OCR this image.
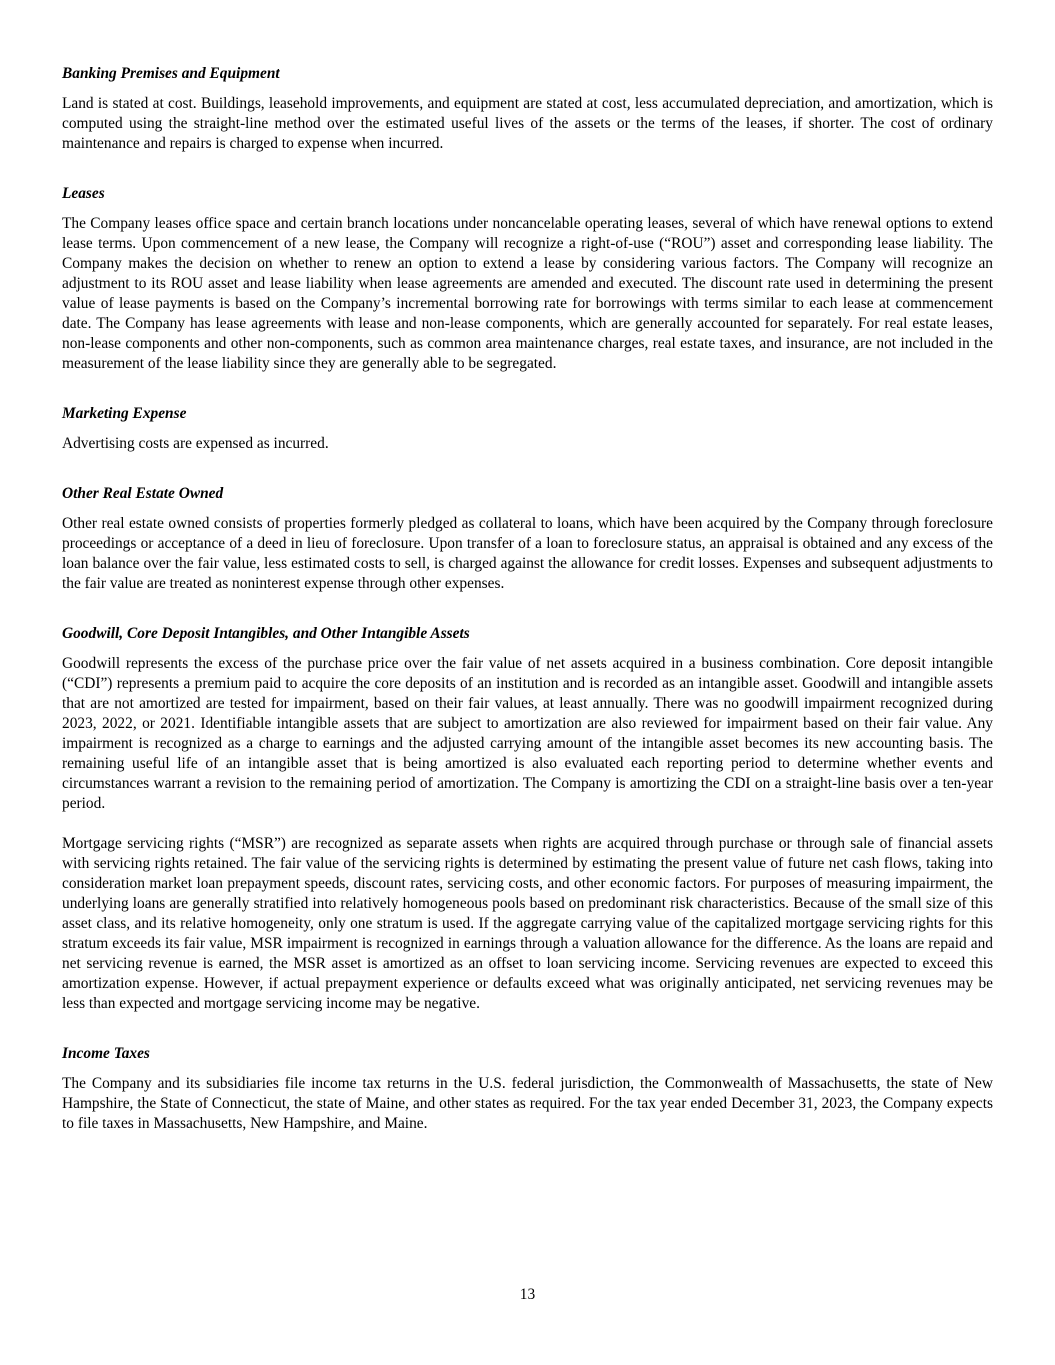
Banking Premises and Equipment

Land is stated at cost. Buildings, leasehold improvements, and equipment are stated at cost, less accumulated depreciation, and amortization, which is computed using the straight-line method over the estimated useful lives of the assets or the terms of the leases, if shorter. The cost of ordinary maintenance and repairs is charged to expense when incurred.

Leases

The Company leases office space and certain branch locations under noncancelable operating leases, several of which have renewal options to extend lease terms. Upon commencement of a new lease, the Company will recognize a right-of-use (“ROU”) asset and corresponding lease liability. The Company makes the decision on whether to renew an option to extend a lease by considering various factors. The Company will recognize an adjustment to its ROU asset and lease liability when lease agreements are amended and executed. The discount rate used in determining the present value of lease payments is based on the Company’s incremental borrowing rate for borrowings with terms similar to each lease at commencement date. The Company has lease agreements with lease and non-lease components, which are generally accounted for separately. For real estate leases, non-lease components and other non-components, such as common area maintenance charges, real estate taxes, and insurance, are not included in the measurement of the lease liability since they are generally able to be segregated.

Marketing Expense

Advertising costs are expensed as incurred.

Other Real Estate Owned

Other real estate owned consists of properties formerly pledged as collateral to loans, which have been acquired by the Company through foreclosure proceedings or acceptance of a deed in lieu of foreclosure. Upon transfer of a loan to foreclosure status, an appraisal is obtained and any excess of the loan balance over the fair value, less estimated costs to sell, is charged against the allowance for credit losses. Expenses and subsequent adjustments to the fair value are treated as noninterest expense through other expenses.

Goodwill, Core Deposit Intangibles, and Other Intangible Assets

Goodwill represents the excess of the purchase price over the fair value of net assets acquired in a business combination. Core deposit intangible (“CDI”) represents a premium paid to acquire the core deposits of an institution and is recorded as an intangible asset. Goodwill and intangible assets that are not amortized are tested for impairment, based on their fair values, at least annually. There was no goodwill impairment recognized during 2023, 2022, or 2021. Identifiable intangible assets that are subject to amortization are also reviewed for impairment based on their fair value. Any impairment is recognized as a charge to earnings and the adjusted carrying amount of the intangible asset becomes its new accounting basis. The remaining useful life of an intangible asset that is being amortized is also evaluated each reporting period to determine whether events and circumstances warrant a revision to the remaining period of amortization. The Company is amortizing the CDI on a straight-line basis over a ten-year period.

Mortgage servicing rights (“MSR”) are recognized as separate assets when rights are acquired through purchase or through sale of financial assets with servicing rights retained. The fair value of the servicing rights is determined by estimating the present value of future net cash flows, taking into consideration market loan prepayment speeds, discount rates, servicing costs, and other economic factors. For purposes of measuring impairment, the underlying loans are generally stratified into relatively homogeneous pools based on predominant risk characteristics. Because of the small size of this asset class, and its relative homogeneity, only one stratum is used. If the aggregate carrying value of the capitalized mortgage servicing rights for this stratum exceeds its fair value, MSR impairment is recognized in earnings through a valuation allowance for the difference. As the loans are repaid and net servicing revenue is earned, the MSR asset is amortized as an offset to loan servicing income. Servicing revenues are expected to exceed this amortization expense. However, if actual prepayment experience or defaults exceed what was originally anticipated, net servicing revenues may be less than expected and mortgage servicing income may be negative.

Income Taxes

The Company and its subsidiaries file income tax returns in the U.S. federal jurisdiction, the Commonwealth of Massachusetts, the state of New Hampshire, the State of Connecticut, the state of Maine, and other states as required. For the tax year ended December 31, 2023, the Company expects to file taxes in Massachusetts, New Hampshire, and Maine.

13
